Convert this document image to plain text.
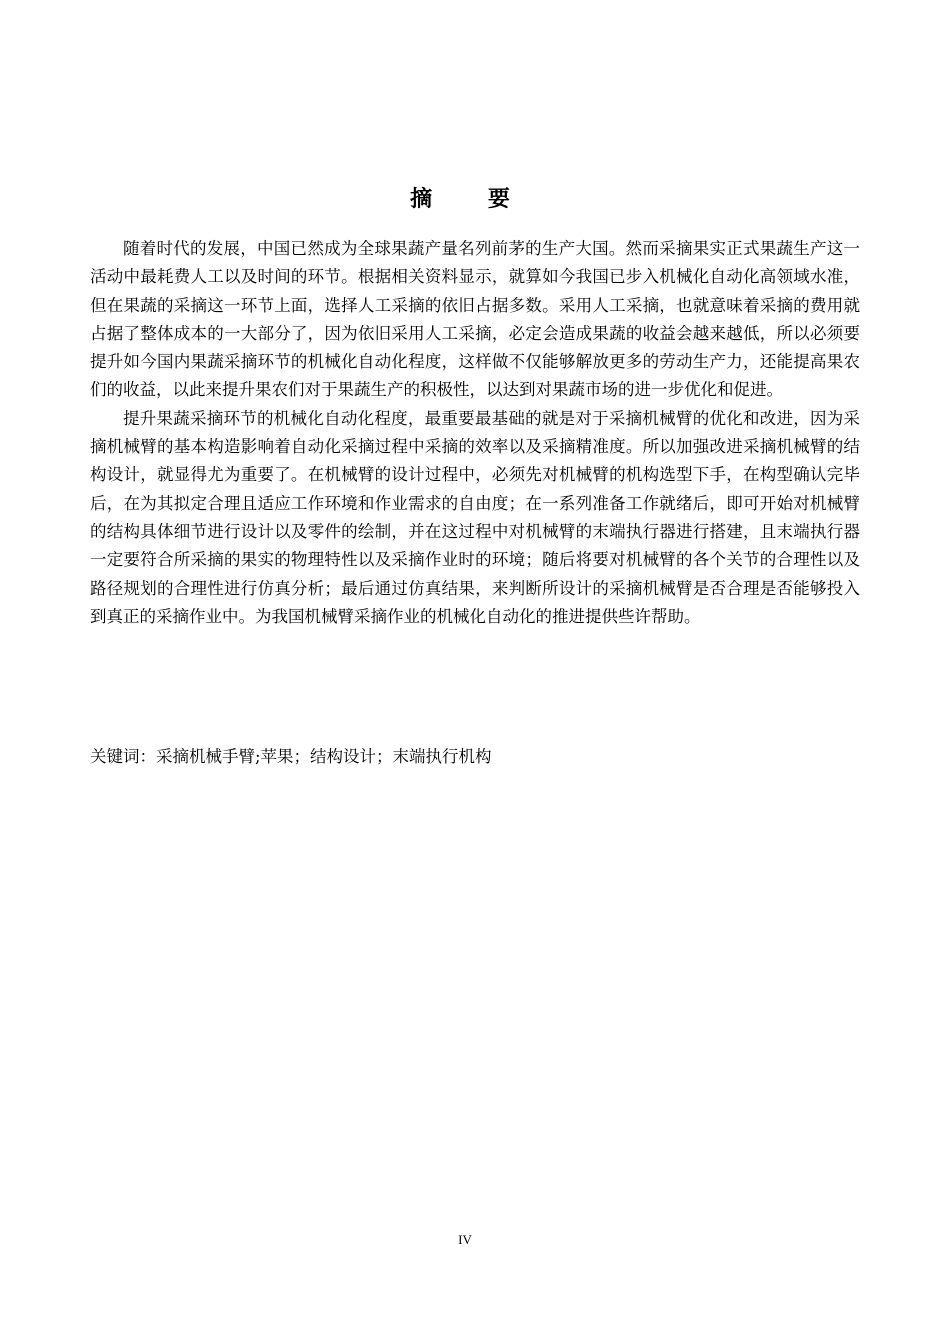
摘 要

随着时代的发展，中国已然成为全球果蔬产量名列前茅的生产大国。然而采摘果实正式果蔬生产这一活动中最耗费人工以及时间的环节。根据相关资料显示，就算如今我国已步入机械化自动化高领域水准，但在果蔬的采摘这一环节上面，选择人工采摘的依旧占据多数。采用人工采摘，也就意味着采摘的费用就占据了整体成本的一大部分了，因为依旧采用人工采摘，必定会造成果蔬的收益会越来越低，所以必须要提升如今国内果蔬采摘环节的机械化自动化程度，这样做不仅能够解放更多的劳动生产力，还能提高果农们的收益，以此来提升果农们对于果蔬生产的积极性，以达到对果蔬市场的进一步优化和促进。

提升果蔬采摘环节的机械化自动化程度，最重要最基础的就是对于采摘机械臂的优化和改进，因为采摘机械臂的基本构造影响着自动化采摘过程中采摘的效率以及采摘精准度。所以加强改进采摘机械臂的结构设计，就显得尤为重要了。在机械臂的设计过程中，必须先对机械臂的机构选型下手，在构型确认完毕后，在为其拟定合理且适应工作环境和作业需求的自由度；在一系列准备工作就绪后，即可开始对机械臂的结构具体细节进行设计以及零件的绘制，并在这过程中对机械臂的末端执行器进行搭建，且末端执行器一定要符合所采摘的果实的物理特性以及采摘作业时的环境；随后将要对机械臂的各个关节的合理性以及路径规划的合理性进行仿真分析；最后通过仿真结果，来判断所设计的采摘机械臂是否合理是否能够投入到真正的采摘作业中。为我国机械臂采摘作业的机械化自动化的推进提供些许帮助。

关键词：采摘机械手臂;苹果；结构设计；末端执行机构
IV
